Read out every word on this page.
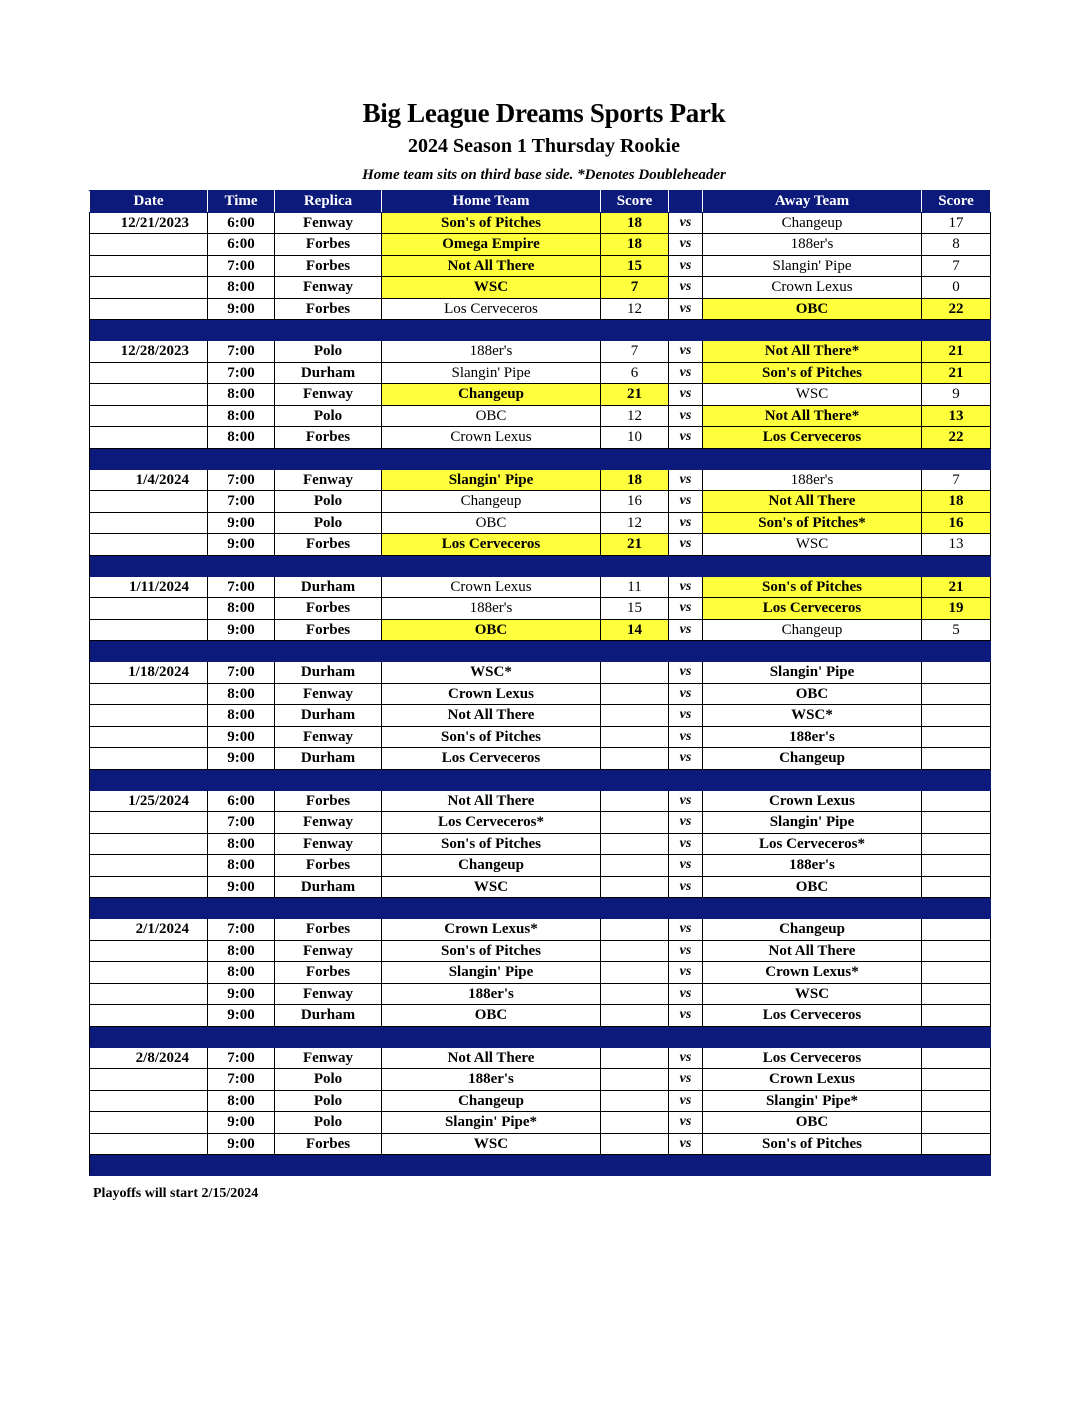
Big League Dreams Sports Park
2024 Season 1 Thursday Rookie
Home team sits on third base side. *Denotes Doubleheader
Date	Time	Replica	Home Team	Score		Away Team	Score
12/21/2023	6:00	Fenway	Son's of Pitches	18	vs	Changeup	17
	6:00	Forbes	Omega Empire	18	vs	188er's	8
	7:00	Forbes	Not All There	15	vs	Slangin' Pipe	7
	8:00	Fenway	WSC	7	vs	Crown Lexus	0
	9:00	Forbes	Los Cerveceros	12	vs	OBC	22

12/28/2023	7:00	Polo	188er's	7	vs	Not All There*	21
	7:00	Durham	Slangin' Pipe	6	vs	Son's of Pitches	21
	8:00	Fenway	Changeup	21	vs	WSC	9
	8:00	Polo	OBC	12	vs	Not All There*	13
	8:00	Forbes	Crown Lexus	10	vs	Los Cerveceros	22

1/4/2024	7:00	Fenway	Slangin' Pipe	18	vs	188er's	7
	7:00	Polo	Changeup	16	vs	Not All There	18
	9:00	Polo	OBC	12	vs	Son's of Pitches*	16
	9:00	Forbes	Los Cerveceros	21	vs	WSC	13

1/11/2024	7:00	Durham	Crown Lexus	11	vs	Son's of Pitches	21
	8:00	Forbes	188er's	15	vs	Los Cerveceros	19
	9:00	Forbes	OBC	14	vs	Changeup	5

1/18/2024	7:00	Durham	WSC*		vs	Slangin' Pipe	
	8:00	Fenway	Crown Lexus		vs	OBC	
	8:00	Durham	Not All There		vs	WSC*	
	9:00	Fenway	Son's of Pitches		vs	188er's	
	9:00	Durham	Los Cerveceros		vs	Changeup	

1/25/2024	6:00	Forbes	Not All There		vs	Crown Lexus	
	7:00	Fenway	Los Cerveceros*		vs	Slangin' Pipe	
	8:00	Fenway	Son's of Pitches		vs	Los Cerveceros*	
	8:00	Forbes	Changeup		vs	188er's	
	9:00	Durham	WSC		vs	OBC	

2/1/2024	7:00	Forbes	Crown Lexus*		vs	Changeup	
	8:00	Fenway	Son's of Pitches		vs	Not All There	
	8:00	Forbes	Slangin' Pipe		vs	Crown Lexus*	
	9:00	Fenway	188er's		vs	WSC	
	9:00	Durham	OBC		vs	Los Cerveceros	

2/8/2024	7:00	Fenway	Not All There		vs	Los Cerveceros	
	7:00	Polo	188er's		vs	Crown Lexus	
	8:00	Polo	Changeup		vs	Slangin' Pipe*	
	9:00	Polo	Slangin' Pipe*		vs	OBC	
	9:00	Forbes	WSC		vs	Son's of Pitches	

Playoffs will start 2/15/2024
